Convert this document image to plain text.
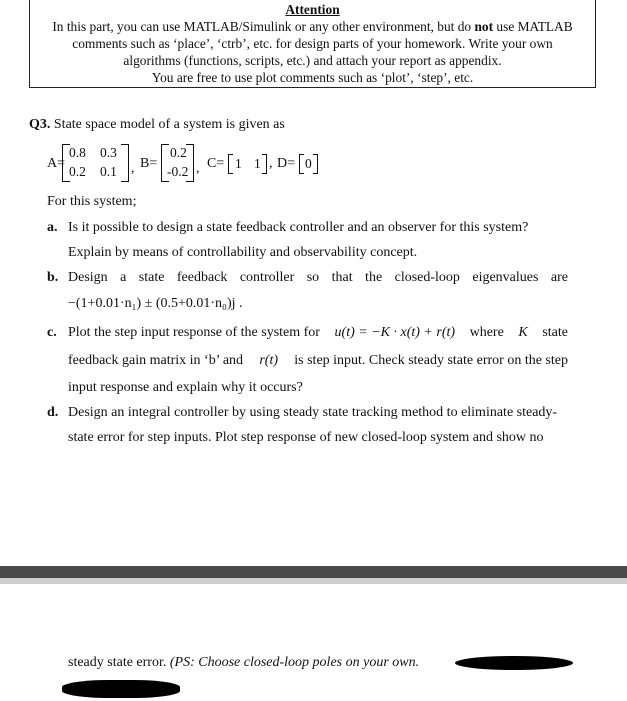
Attention
In this part, you can use MATLAB/Simulink or any other environment, but do not use MATLAB
comments such as ‘place’, ‘ctrb’, etc. for design parts of your homework. Write your own
algorithms (functions, scripts, etc.) and attach your report as appendix.
You are free to use plot comments such as ‘plot’, ‘step’, etc.
Q3. State space model of a system is given as
A=
0.8 0.3
0.2 0.1 , B=
0.2
-0.2 , C= 1 1 , D= 0
For this system;
a. Is it possible to design a state feedback controller and an observer for this system?
Explain by means of controllability and observability concept.
b. Design a state feedback controller so that the closed-loop eigenvalues are
−(1+0.01·n₁) ± (0.5+0.01·n₀)j .
c. Plot the step input response of the system for u(t) = −K · x(t) + r(t) where K state
feedback gain matrix in ‘b’ and r(t) is step input. Check steady state error on the step
input response and explain why it occurs?
d. Design an integral controller by using steady state tracking method to eliminate steady-
state error for step inputs. Plot step response of new closed-loop system and show no
steady state error. (PS: Choose closed-loop poles on your own.
